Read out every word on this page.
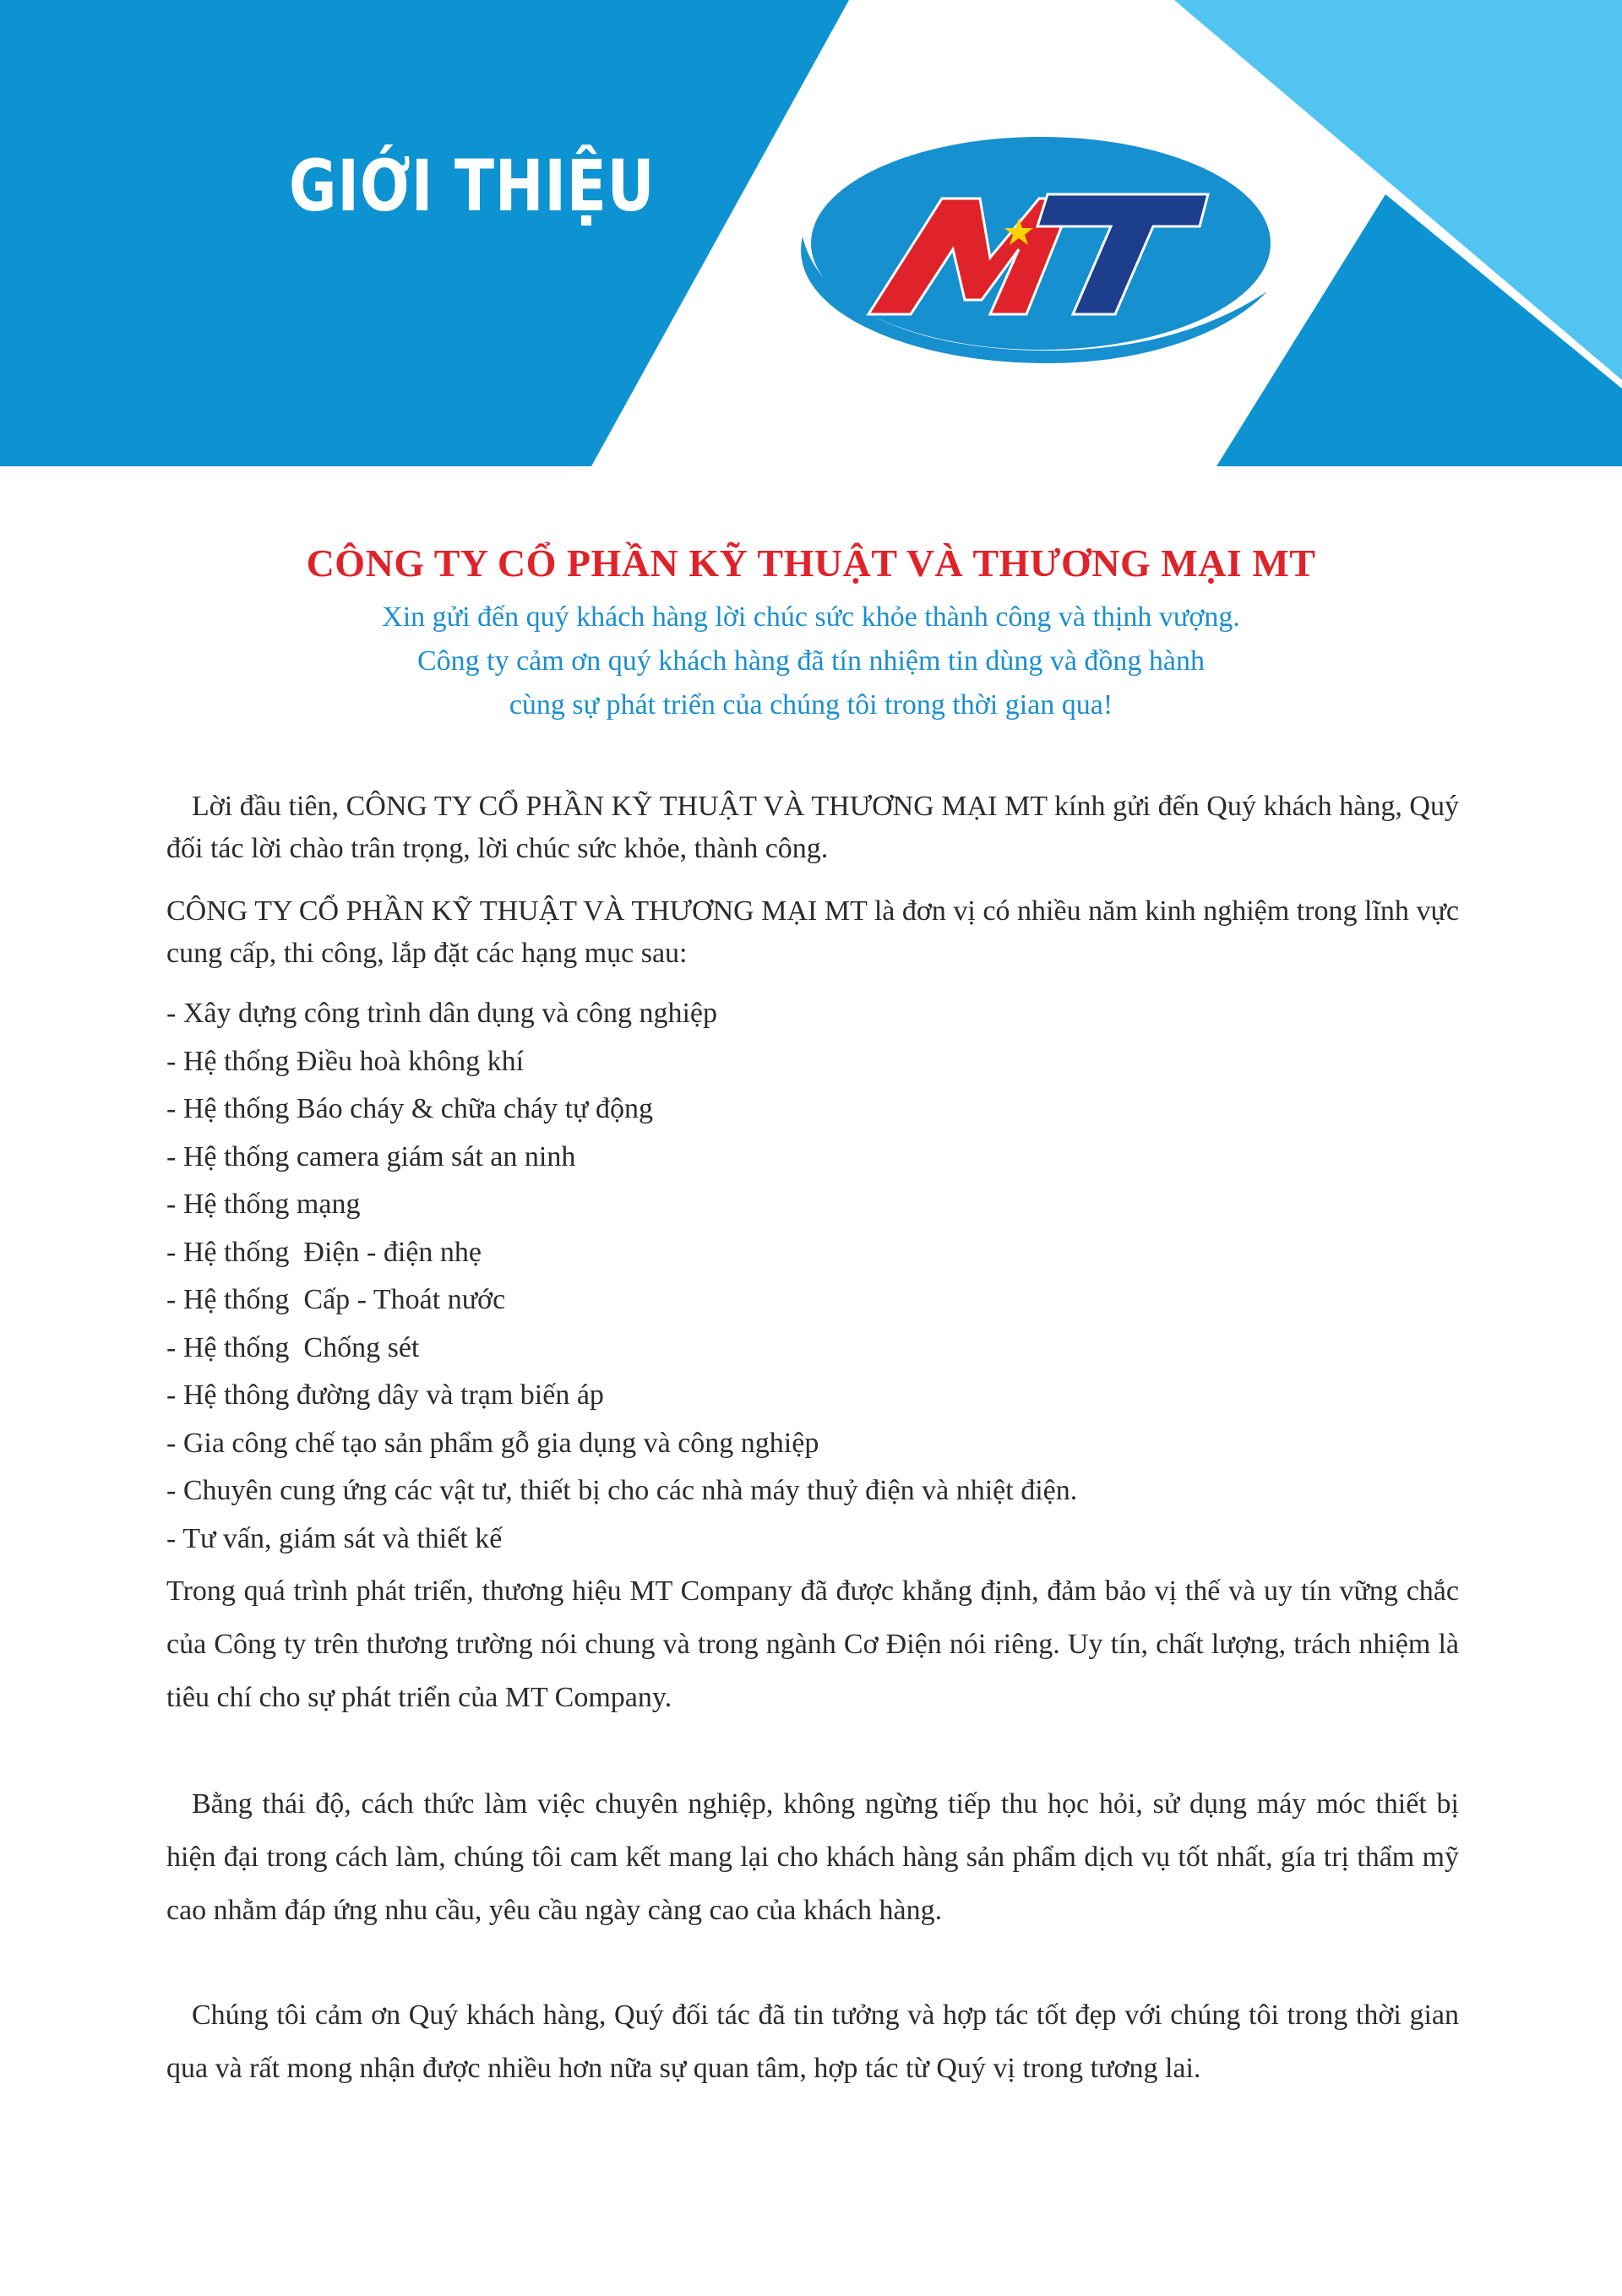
GIỚI THIỆU
CÔNG TY CỔ PHẦN KỸ THUẬT VÀ THƯƠNG MẠI MT
Xin gửi đến quý khách hàng lời chúc sức khỏe thành công và thịnh vượng.
Công ty cảm ơn quý khách hàng đã tín nhiệm tin dùng và đồng hành
cùng sự phát triển của chúng tôi trong thời gian qua!

Lời đầu tiên, CÔNG TY CỔ PHẦN KỸ THUẬT VÀ THƯƠNG MẠI MT kính gửi đến Quý khách hàng, Quý đối tác lời chào trân trọng, lời chúc sức khỏe, thành công.

CÔNG TY CỔ PHẦN KỸ THUẬT VÀ THƯƠNG MẠI MT là đơn vị có nhiều năm kinh nghiệm trong lĩnh vực cung cấp, thi công, lắp đặt các hạng mục sau:

- Xây dựng công trình dân dụng và công nghiệp
- Hệ thống Điều hoà không khí
- Hệ thống Báo cháy & chữa cháy tự động
- Hệ thống camera giám sát an ninh
- Hệ thống mạng
- Hệ thống  Điện - điện nhẹ
- Hệ thống  Cấp - Thoát nước
- Hệ thống  Chống sét
- Hệ thông đường dây và trạm biến áp
- Gia công chế tạo sản phẩm gỗ gia dụng và công nghiệp
- Chuyên cung ứng các vật tư, thiết bị cho các nhà máy thuỷ điện và nhiệt điện.
- Tư vấn, giám sát và thiết kế

Trong quá trình phát triển, thương hiệu MT Company đã được khẳng định, đảm bảo vị thế và uy tín vững chắc của Công ty trên thương trường nói chung và trong ngành Cơ Điện nói riêng. Uy tín, chất lượng, trách nhiệm là tiêu chí cho sự phát triển của MT Company.

Bằng thái độ, cách thức làm việc chuyên nghiệp, không ngừng tiếp thu học hỏi, sử dụng máy móc thiết bị hiện đại trong cách làm, chúng tôi cam kết mang lại cho khách hàng sản phẩm dịch vụ tốt nhất, gía trị thẩm mỹ cao nhằm đáp ứng nhu cầu, yêu cầu ngày càng cao của khách hàng.

Chúng tôi cảm ơn Quý khách hàng, Quý đối tác đã tin tưởng và hợp tác tốt đẹp với chúng tôi trong thời gian qua và rất mong nhận được nhiều hơn nữa sự quan tâm, hợp tác từ Quý vị trong tương lai.
